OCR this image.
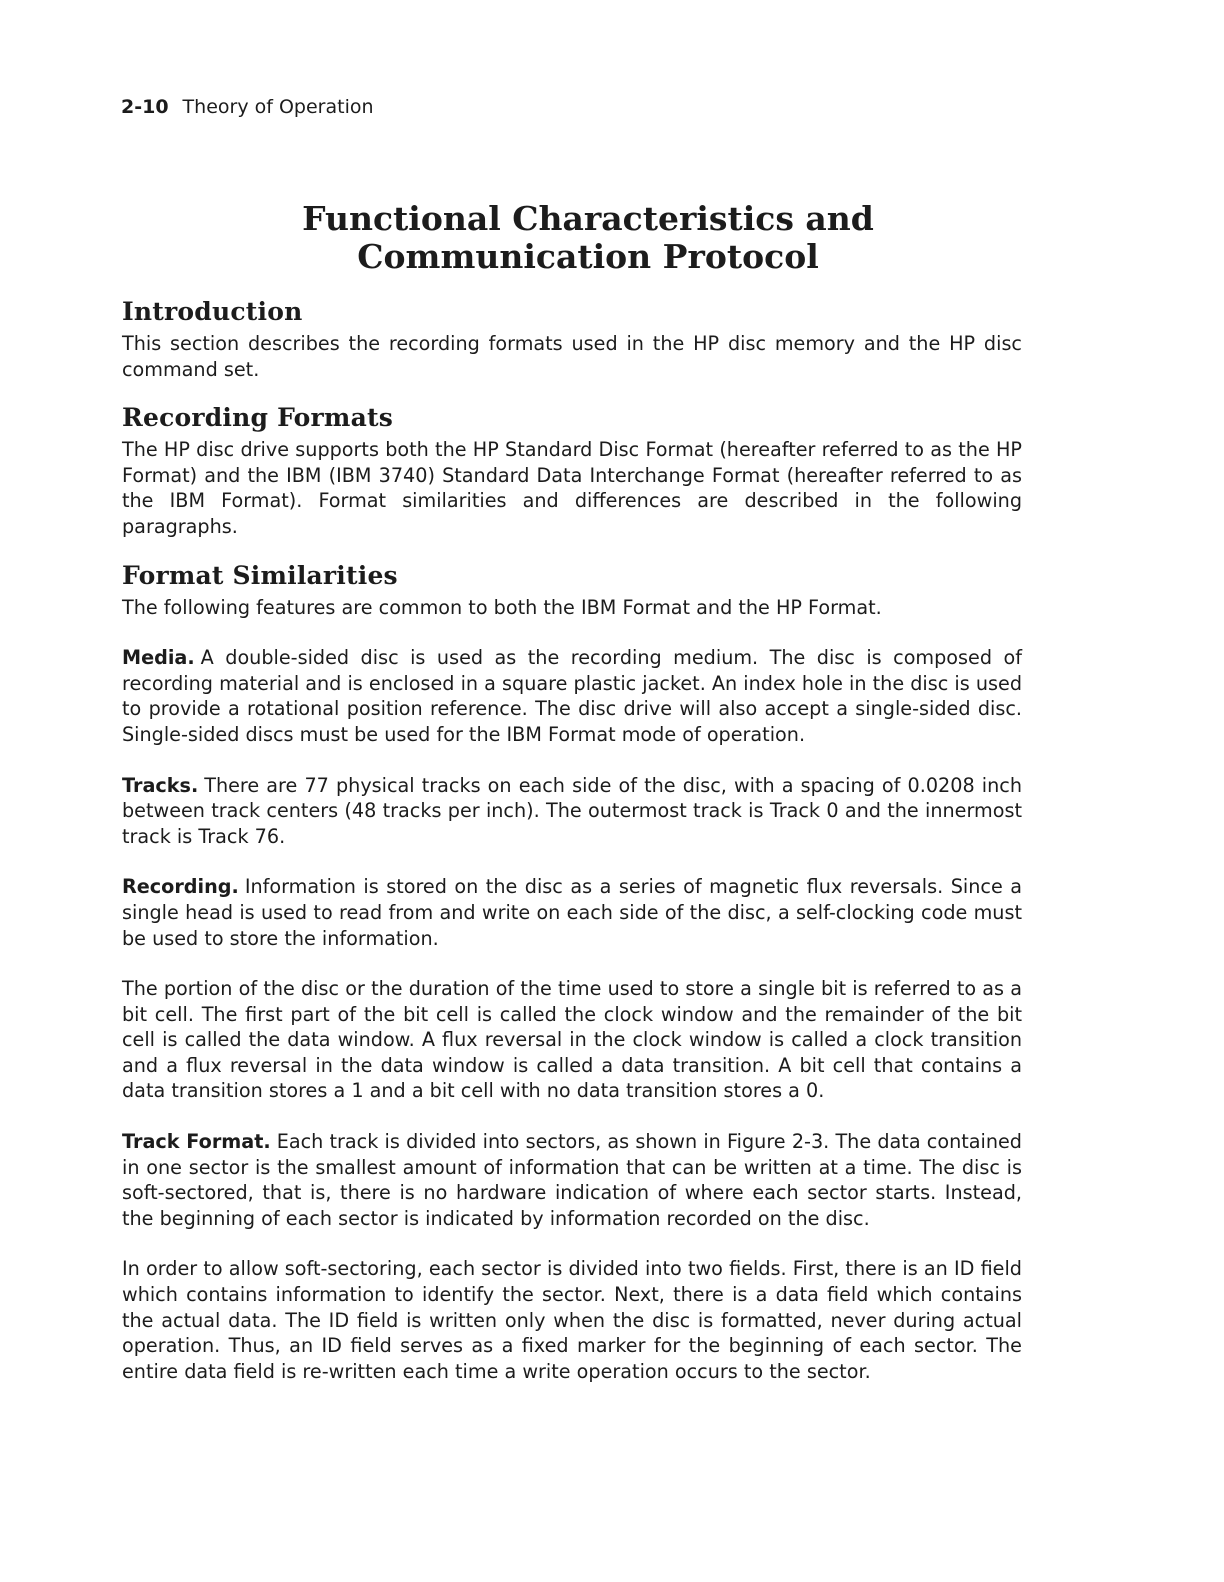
2-10 Theory of Operation
Functional Characteristics and
Communication Protocol
Introduction

This section describes the recording formats used in the HP disc memory and the HP disc command set.

Recording Formats

The HP disc drive supports both the HP Standard Disc Format (hereafter referred to as the HP Format) and the IBM (IBM 3740) Standard Data Interchange Format (hereafter referred to as the IBM Format). Format similarities and differences are described in the following paragraphs.

Format Similarities

The following features are common to both the IBM Format and the HP Format.

Media. A double-sided disc is used as the recording medium. The disc is composed of recording material and is enclosed in a square plastic jacket. An index hole in the disc is used to provide a rotational position reference. The disc drive will also accept a single-sided disc. Single-sided discs must be used for the IBM Format mode of operation.

Tracks. There are 77 physical tracks on each side of the disc, with a spacing of 0.0208 inch between track centers (48 tracks per inch). The outermost track is Track 0 and the innermost track is Track 76.

Recording. Information is stored on the disc as a series of magnetic flux reversals. Since a single head is used to read from and write on each side of the disc, a self-clocking code must be used to store the information.

The portion of the disc or the duration of the time used to store a single bit is referred to as a bit cell. The first part of the bit cell is called the clock window and the remainder of the bit cell is called the data window. A flux reversal in the clock window is called a clock transition and a flux reversal in the data window is called a data transition. A bit cell that contains a data transition stores a 1 and a bit cell with no data transition stores a 0.

Track Format. Each track is divided into sectors, as shown in Figure 2-3. The data contained in one sector is the smallest amount of information that can be written at a time. The disc is soft-sectored, that is, there is no hardware indication of where each sector starts. Instead, the beginning of each sector is indicated by information recorded on the disc.

In order to allow soft-sectoring, each sector is divided into two fields. First, there is an ID field which contains information to identify the sector. Next, there is a data field which contains the actual data. The ID field is written only when the disc is formatted, never during actual operation. Thus, an ID field serves as a fixed marker for the beginning of each sector. The entire data field is re-written each time a write operation occurs to the sector.
